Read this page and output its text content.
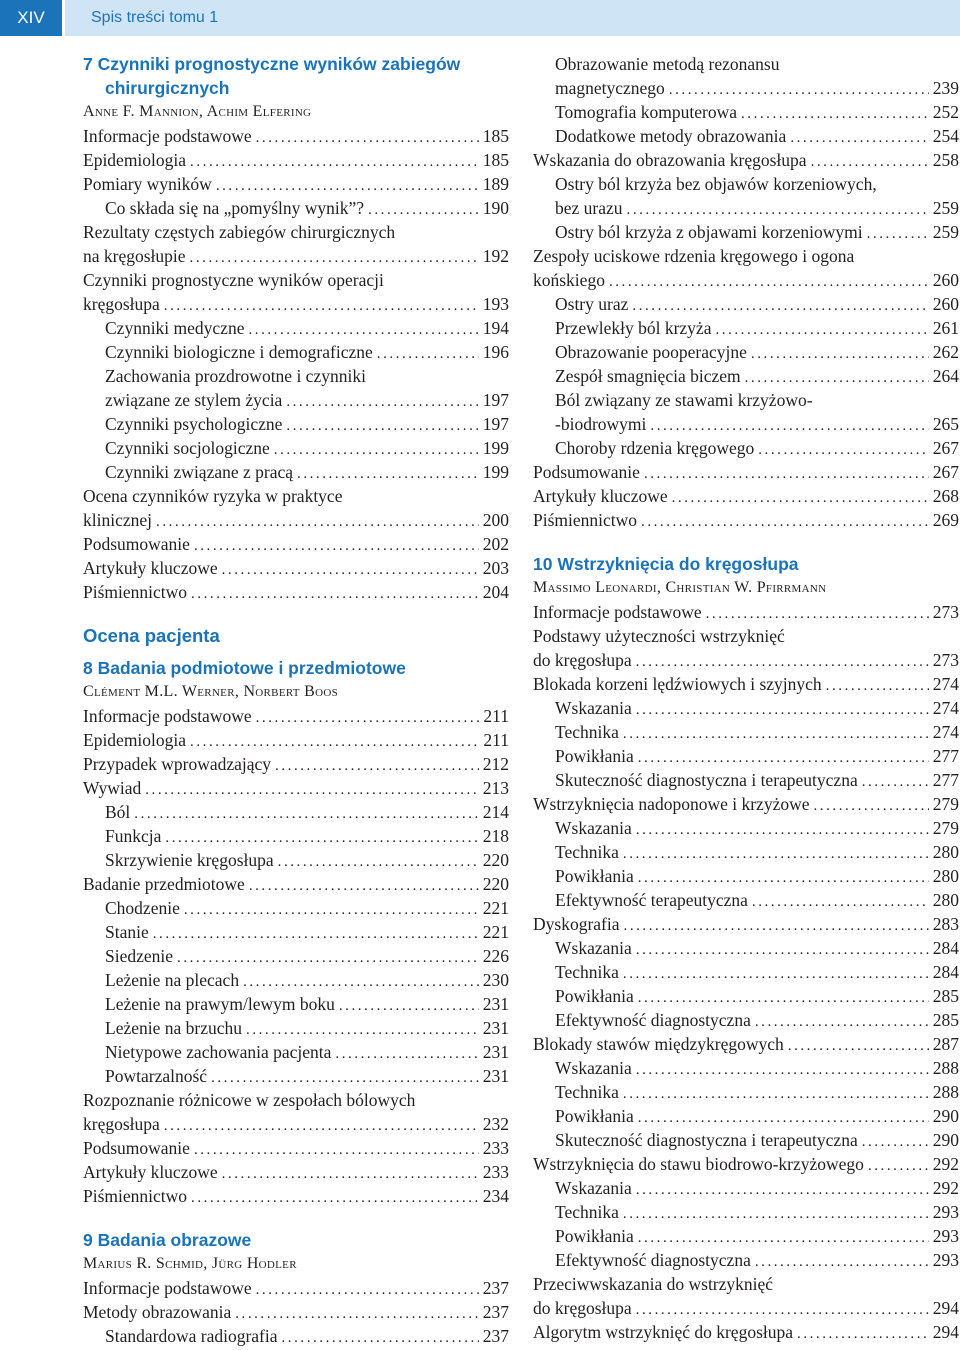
XIV	Spis treści tomu 1
7 Czynniki prognostyczne wyników zabiegów
chirurgicznych
Anne F. Mannion, Achim Elfering
Informacje podstawowe . . .	185
Epidemiologia . . .	185
Pomiary wyników . . .	189
Co składa się na „pomyślny wynik”? . . .	190
Rezultaty częstych zabiegów chirurgicznych
na kręgosłupie . . .	192
Czynniki prognostyczne wyników operacji
kręgosłupa . . .	193
Czynniki medyczne . . .	194
Czynniki biologiczne i demograficzne . . .	196
Zachowania prozdrowotne i czynniki
związane ze stylem życia . . .	197
Czynniki psychologiczne . . .	197
Czynniki socjologiczne . . .	199
Czynniki związane z pracą . . .	199
Ocena czynników ryzyka w praktyce
klinicznej . . .	200
Podsumowanie . . .	202
Artykuły kluczowe . . .	203
Piśmiennictwo . . .	204
Ocena pacjenta
8 Badania podmiotowe i przedmiotowe
Clément M.L. Werner, Norbert Boos
Informacje podstawowe . . .	211
Epidemiologia . . .	211
Przypadek wprowadzający . . .	212
Wywiad . . .	213
Ból . . .	214
Funkcja . . .	218
Skrzywienie kręgosłupa . . .	220
Badanie przedmiotowe . . .	220
Chodzenie . . .	221
Stanie . . .	221
Siedzenie . . .	226
Leżenie na plecach . . .	230
Leżenie na prawym/lewym boku . . .	231
Leżenie na brzuchu . . .	231
Nietypowe zachowania pacjenta . . .	231
Powtarzalność . . .	231
Rozpoznanie różnicowe w zespołach bólowych
kręgosłupa . . .	232
Podsumowanie . . .	233
Artykuły kluczowe . . .	233
Piśmiennictwo . . .	234
9 Badania obrazowe
Marius R. Schmid, Jürg Hodler
Informacje podstawowe . . .	237
Metody obrazowania . . .	237
Standardowa radiografia . . .	237
Obrazowanie metodą rezonansu
magnetycznego . . .	239
Tomografia komputerowa . . .	252
Dodatkowe metody obrazowania . . .	254
Wskazania do obrazowania kręgosłupa . . .	258
Ostry ból krzyża bez objawów korzeniowych,
bez urazu . . .	259
Ostry ból krzyża z objawami korzeniowymi . . .	259
Zespoły uciskowe rdzenia kręgowego i ogona
końskiego . . .	260
Ostry uraz . . .	260
Przewlekły ból krzyża . . .	261
Obrazowanie pooperacyjne . . .	262
Zespół smagnięcia biczem . . .	264
Ból związany ze stawami krzyżowo-
-biodrowymi . . .	265
Choroby rdzenia kręgowego . . .	267
Podsumowanie . . .	267
Artykuły kluczowe . . .	268
Piśmiennictwo . . .	269
10 Wstrzyknięcia do kręgosłupa
Massimo Leonardi, Christian W. Pfirrmann
Informacje podstawowe . . .	273
Podstawy użyteczności wstrzyknięć
do kręgosłupa . . .	273
Blokada korzeni lędźwiowych i szyjnych . . .	274
Wskazania . . .	274
Technika . . .	274
Powikłania . . .	277
Skuteczność diagnostyczna i terapeutyczna . . .	277
Wstrzyknięcia nadoponowe i krzyżowe . . .	279
Wskazania . . .	279
Technika . . .	280
Powikłania . . .	280
Efektywność terapeutyczna . . .	280
Dyskografia . . .	283
Wskazania . . .	284
Technika . . .	284
Powikłania . . .	285
Efektywność diagnostyczna . . .	285
Blokady stawów międzykręgowych . . .	287
Wskazania . . .	288
Technika . . .	288
Powikłania . . .	290
Skuteczność diagnostyczna i terapeutyczna . . .	290
Wstrzyknięcia do stawu biodrowo-krzyżowego . . .	292
Wskazania . . .	292
Technika . . .	293
Powikłania . . .	293
Efektywność diagnostyczna . . .	293
Przeciwwskazania do wstrzyknięć
do kręgosłupa . . .	294
Algorytm wstrzyknięć do kręgosłupa . . .	294
